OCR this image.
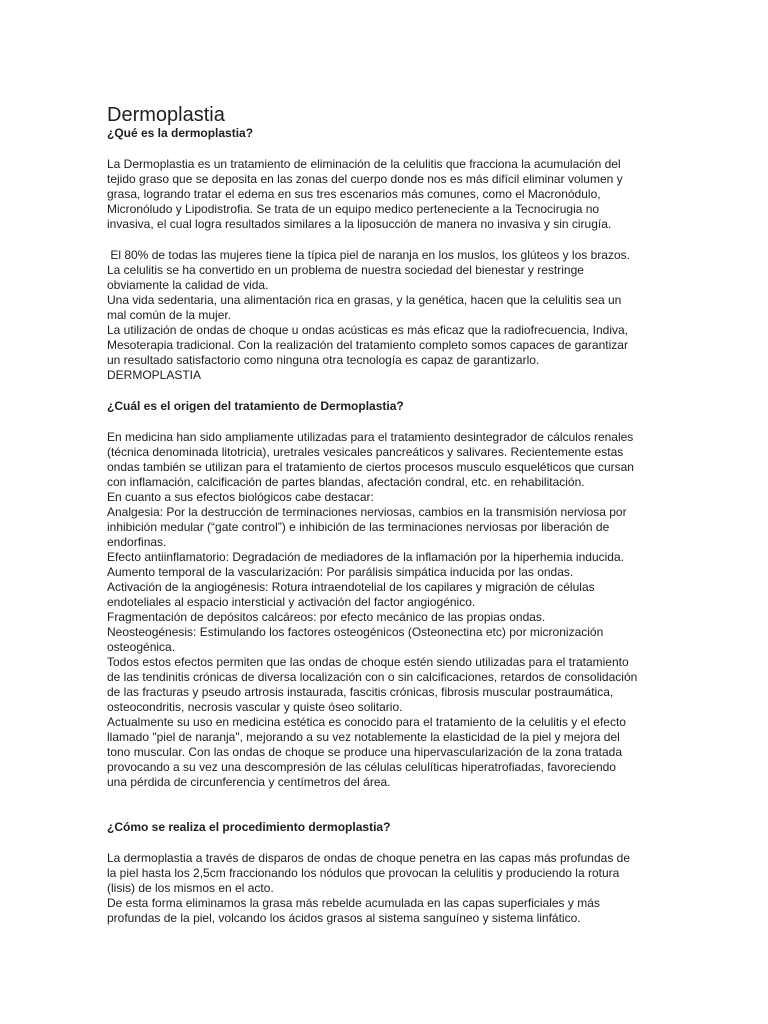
Dermoplastia
¿Qué es la dermoplastia?

La Dermoplastia es un tratamiento de eliminación de la celulitis que fracciona la acumulación del
tejido graso que se deposita en las zonas del cuerpo donde nos es más difícil eliminar volumen y
grasa, logrando tratar el edema en sus tres escenarios más comunes, como el Macronódulo,
Micronóludo y Lipodistrofia. Se trata de un equipo medico perteneciente a la Tecnocirugia no
invasiva, el cual logra resultados similares a la liposucción de manera no invasiva y sin cirugía.

El 80% de todas las mujeres tiene la típica piel de naranja en los muslos, los glúteos y los brazos.
La celulitis se ha convertido en un problema de nuestra sociedad del bienestar y restringe
obviamente la calidad de vida.
Una vida sedentaria, una alimentación rica en grasas, y la genética, hacen que la celulitis sea un
mal común de la mujer.
La utilización de ondas de choque u ondas acústicas es más eficaz que la radiofrecuencia, Indiva,
Mesoterapia tradicional. Con la realización del tratamiento completo somos capaces de garantizar
un resultado satisfactorio como ninguna otra tecnología es capaz de garantizarlo.
DERMOPLASTIA

¿Cuál es el origen del tratamiento de Dermoplastia?

En medicina han sido ampliamente utilizadas para el tratamiento desintegrador de cálculos renales
(técnica denominada litotricia), uretrales vesicales pancreáticos y salivares. Recientemente estas
ondas también se utilizan para el tratamiento de ciertos procesos musculo esqueléticos que cursan
con inflamación, calcificación de partes blandas, afectación condral, etc. en rehabilitación.
En cuanto a sus efectos biológicos cabe destacar:
Analgesia: Por la destrucción de terminaciones nerviosas, cambios en la transmisión nerviosa por
inhibición medular (“gate control”) e inhibición de las terminaciones nerviosas por liberación de
endorfinas.
Efecto antiinflamatorio: Degradación de mediadores de la inflamación por la hiperhemia inducida.
Aumento temporal de la vascularización: Por parálisis simpática inducida por las ondas.
Activación de la angiogénesis: Rotura intraendotelial de los capilares y migración de células
endoteliales al espacio intersticial y activación del factor angiogénico.
Fragmentación de depósitos calcáreos: por efecto mecánico de las propias ondas.
Neosteogénesis: Estimulando los factores osteogénicos (Osteonectina etc) por micronización
osteogénica.
Todos estos efectos permiten que las ondas de choque estén siendo utilizadas para el tratamiento
de las tendinitis crónicas de diversa localización con o sin calcificaciones, retardos de consolidación
de las fracturas y pseudo artrosis instaurada, fascitis crónicas, fibrosis muscular postraumática,
osteocondritis, necrosis vascular y quiste óseo solitario.
Actualmente su uso en medicina estética es conocido para el tratamiento de la celulitis y el efecto
llamado "piel de naranja", mejorando a su vez notablemente la elasticidad de la piel y mejora del
tono muscular. Con las ondas de choque se produce una hipervascularización de la zona tratada
provocando a su vez una descompresión de las células celulíticas hiperatrofiadas, favoreciendo
una pérdida de circunferencia y centímetros del área.

¿Cómo se realiza el procedimiento dermoplastia?

La dermoplastia a través de disparos de ondas de choque penetra en las capas más profundas de
la piel hasta los 2,5cm fraccionando los nódulos que provocan la celulitis y produciendo la rotura
(lisis) de los mismos en el acto.
De esta forma eliminamos la grasa más rebelde acumulada en las capas superficiales y más
profundas de la piel, volcando los ácidos grasos al sistema sanguíneo y sistema linfático.
